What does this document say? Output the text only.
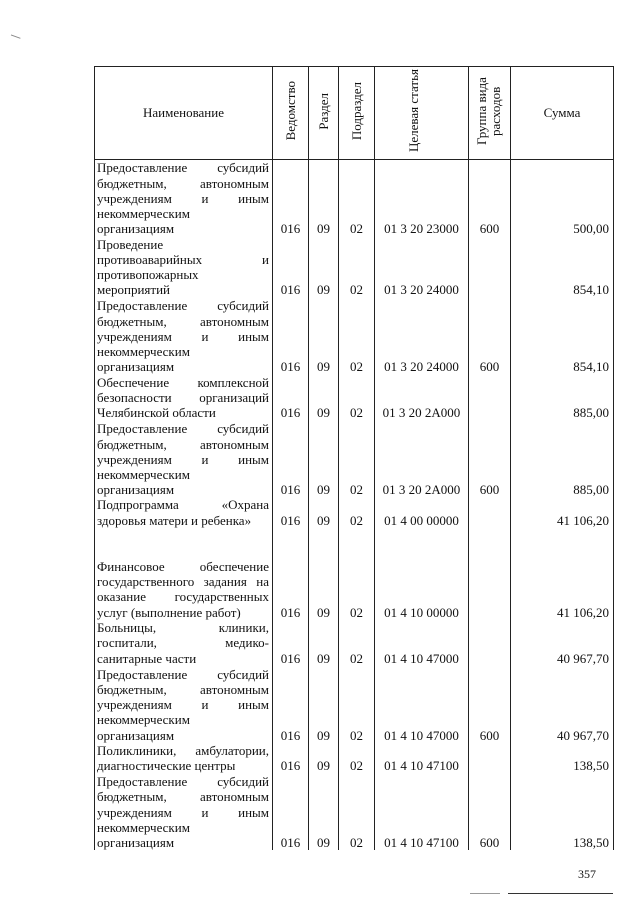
Наименование	Ведомство	Раздел	Подраздел	Целевая статья	Группа вида расходов	Сумма
Предоставление субсидий бюджетным, автономным учреждениям и иным некоммерческим организациям	016	09	02	01 3 20 23000	600	500,00
Проведение противоаварийных и противопожарных мероприятий	016	09	02	01 3 20 24000		854,10
Предоставление субсидий бюджетным, автономным учреждениям и иным некоммерческим организациям	016	09	02	01 3 20 24000	600	854,10
Обеспечение комплексной безопасности организаций Челябинской области	016	09	02	01 3 20 2А000		885,00
Предоставление субсидий бюджетным, автономным учреждениям и иным некоммерческим организациям	016	09	02	01 3 20 2А000	600	885,00
Подпрограмма «Охрана здоровья матери и ребенка»	016	09	02	01 4 00 00000		41 106,20
Финансовое обеспечение государственного задания на оказание государственных услуг (выполнение работ)	016	09	02	01 4 10 00000		41 106,20
Больницы, клиники, госпитали, медико-санитарные части	016	09	02	01 4 10 47000		40 967,70
Предоставление субсидий бюджетным, автономным учреждениям и иным некоммерческим организациям	016	09	02	01 4 10 47000	600	40 967,70
Поликлиники, амбулатории, диагностические центры	016	09	02	01 4 10 47100		138,50
Предоставление субсидий бюджетным, автономным учреждениям и иным некоммерческим организациям	016	09	02	01 4 10 47100	600	138,50
357
